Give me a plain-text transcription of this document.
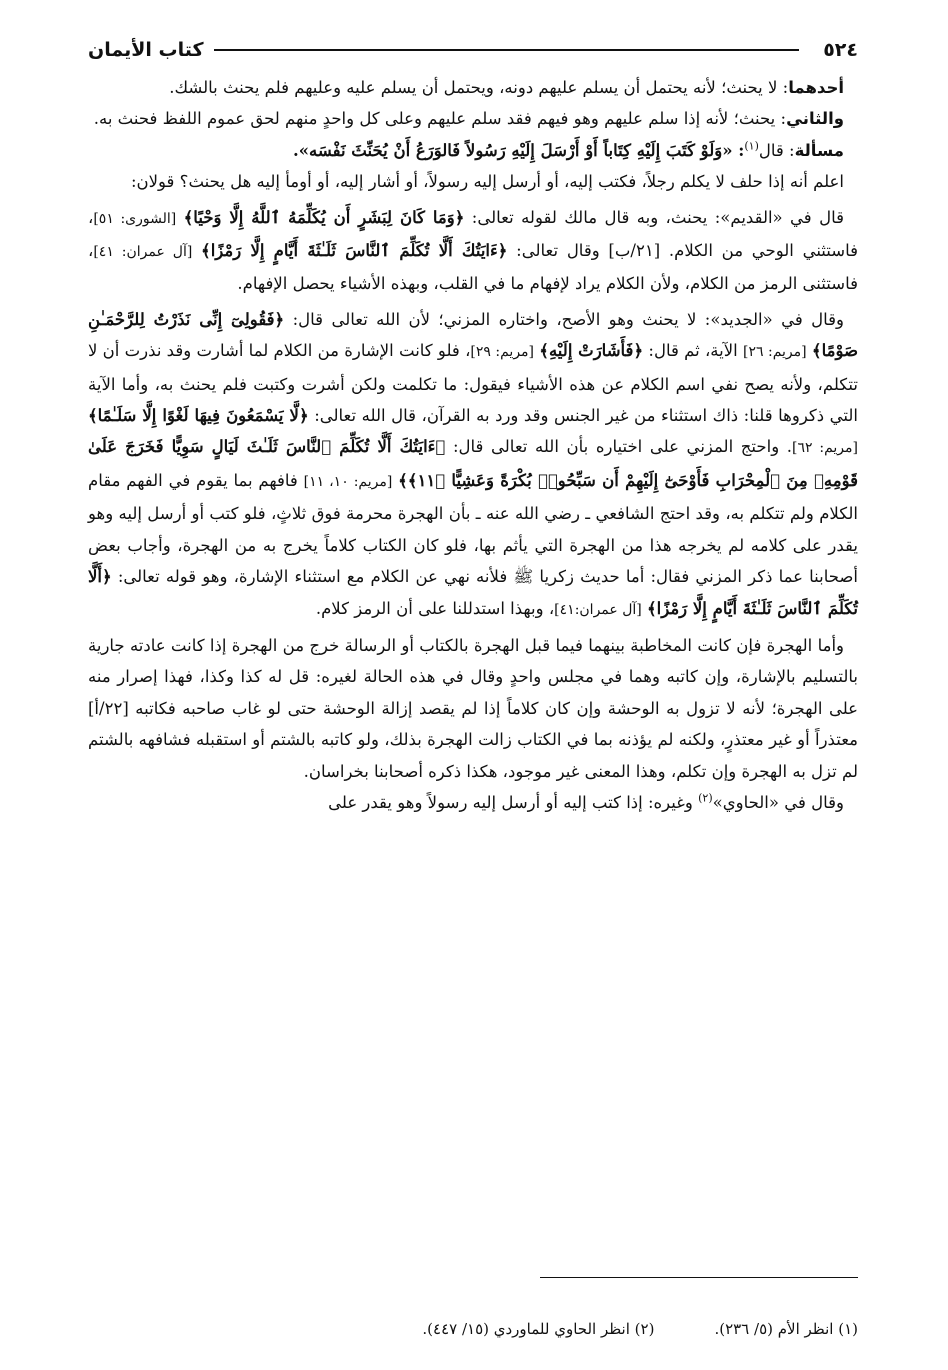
٥٢٤
كتاب الأيمان

أحدهما: لا يحنث؛ لأنه يحتمل أن يسلم عليهم دونه، ويحتمل أن يسلم عليه وعليهم فلم يحنث بالشك.

والثاني: يحنث؛ لأنه إذا سلم عليهم وهو فيهم فقد سلم عليهم وعلى كل واحدٍ منهم لحق عموم اللفظ فحنث به.

مسألة: قال$^{(١)}$: «وَلَوْ كَتَبَ إِلَيْهِ كِتَاباً أَوْ أَرْسَلَ إِلَيْهِ رَسُولاً فَالوَرَعُ أَنْ يُحَنِّثَ نَفْسَه».

اعلم أنه إذا حلف لا يكلم رجلاً، فكتب إليه، أو أرسل إليه رسولاً، أو أشار إليه، أو أومأ إليه هل يحنث؟ قولان:

قال في «القديم»: يحنث، وبه قال مالك لقوله تعالى: ﴿وَمَا كَانَ لِبَشَرٍ أَن يُكَلِّمَهُ ٱللَّهُ إِلَّا وَحْيًا﴾ [الشورى: ٥١]، فاستثني الوحي من الكلام. [٢١/ب] وقال تعالى: ﴿ءَايَتُكَ أَلَّا تُكَلِّمَ ٱلنَّاسَ ثَلَـٰثَةَ أَيَّامٍ إِلَّا رَمْزًا﴾ [آل عمران: ٤١]، فاستثنى الرمز من الكلام، ولأن الكلام يراد لإفهام ما في القلب، وبهذه الأشياء يحصل الإفهام.

وقال في «الجديد»: لا يحنث وهو الأصح، واختاره المزني؛ لأن الله تعالى قال: ﴿فَقُولِىٓ إِنِّى نَذَرْتُ لِلرَّحْمَـٰنِ صَوْمًا﴾ [مريم: ٢٦] الآية، ثم قال: ﴿فَأَشَارَتْ إِلَيْهِ﴾ [مريم: ٢٩]، فلو كانت الإشارة من الكلام لما أشارت وقد نذرت أن لا تتكلم، ولأنه يصح نفي اسم الكلام عن هذه الأشياء فيقول: ما تكلمت ولكن أشرت وكتبت فلم يحنث به، وأما الآية التي ذكروها قلنا: ذاك استثناء من غير الجنس وقد ورد به القرآن، قال الله تعالى: ﴿لَّا يَسْمَعُونَ فِيهَا لَغْوًا إِلَّا سَلَـٰمًا﴾ [مريم: ٦٢]. واحتج المزني على اختياره بأن الله تعالى قال: ﴿ءَايَتُكَ أَلَّا تُكَلِّمَ ٱلنَّاسَ ثَلَـٰثَ لَيَالٍ سَوِيًّا فَخَرَجَ عَلَىٰ قَوْمِهِۦ مِنَ ٱلْمِحْرَابِ فَأَوْحَىٰٓ إِلَيْهِمْ أَن سَبِّحُوا۟ بُكْرَةً وَعَشِيًّا ﴿١١﴾﴾ [مريم: ١٠، ١١] فافهم بما يقوم في الفهم مقام الكلام ولم تتكلم به، وقد احتج الشافعي ـ رضي الله عنه ـ بأن الهجرة محرمة فوق ثلاثٍ، فلو كتب أو أرسل إليه وهو يقدر على كلامه لم يخرجه هذا من الهجرة التي يأثم بها، فلو كان الكتاب كلاماً يخرج به من الهجرة، وأجاب بعض أصحابنا عما ذكر المزني فقال: أما حديث زكريا ﷺ فلأنه نهي عن الكلام مع استثناء الإشارة، وهو قوله تعالى: ﴿أَلَّا تُكَلِّمَ ٱلنَّاسَ ثَلَـٰثَةَ أَيَّامٍ إِلَّا رَمْزًا﴾ [آل عمران:٤١]، وبهذا استدللنا على أن الرمز كلام.

وأما الهجرة فإن كانت المخاطبة بينهما فيما قبل الهجرة بالكتاب أو الرسالة خرج من الهجرة إذا كانت عادته جارية بالتسليم بالإشارة، وإن كاتبه وهما في مجلس واحدٍ وقال في هذه الحالة لغيره: قل له كذا وكذا، فهذا إصرار منه على الهجرة؛ لأنه لا تزول به الوحشة وإن كان كلاماً إذا لم يقصد إزالة الوحشة حتى لو غاب صاحبه فكاتبه [٢٢/أ] معتذراً أو غير معتذرٍ، ولكنه لم يؤذنه بما في الكتاب زالت الهجرة بذلك، ولو كاتبه بالشتم أو استقبله فشافهه بالشتم لم تزل به الهجرة وإن تكلم، وهذا المعنى غير موجود، هكذا ذكره أصحابنا بخراسان.

وقال في «الحاوي»$^{(٢)}$ وغيره: إذا كتب إليه أو أرسل إليه رسولاً وهو يقدر على

(١) انظر الأم (٥/ ٢٣٦).
(٢) انظر الحاوي للماوردي (١٥/ ٤٤٧).
